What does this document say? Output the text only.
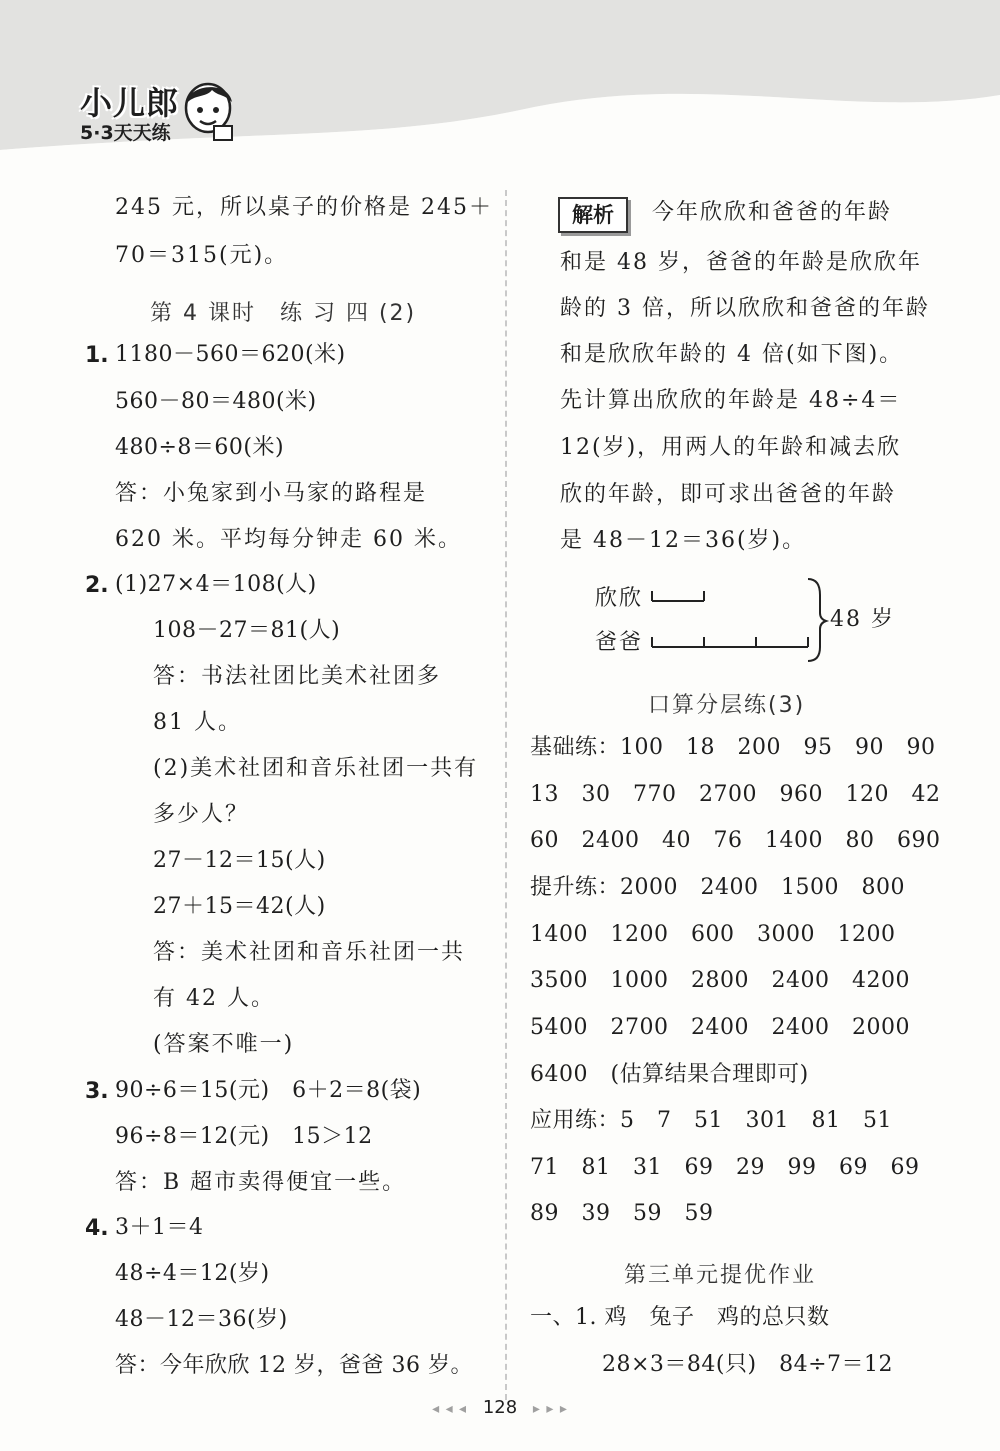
小儿郎
5·3天天练
245 元，所以桌子的价格是 245＋
70＝315(元)。
第 4 课时　练 习 四 (2)
1. 1180－560＝620(米)
560－80＝480(米)
480÷8＝60(米)
答：小兔家到小马家的路程是
620 米。平均每分钟走 60 米。
2. (1)27×4＝108(人)
108－27＝81(人)
答：书法社团比美术社团多
81 人。
(2)美术社团和音乐社团一共有
多少人？
27－12＝15(人)
27＋15＝42(人)
答：美术社团和音乐社团一共
有 42 人。
(答案不唯一)
3. 90÷6＝15(元)　6＋2＝8(袋)
96÷8＝12(元)　15＞12
答：B 超市卖得便宜一些。
4. 3＋1＝4
48÷4＝12(岁)
48－12＝36(岁)
答：今年欣欣 12 岁，爸爸 36 岁。
解析	今年欣欣和爸爸的年龄
和是 48 岁，爸爸的年龄是欣欣年
龄的 3 倍，所以欣欣和爸爸的年龄
和是欣欣年龄的 4 倍(如下图)。
先计算出欣欣的年龄是 48÷4＝
12(岁)，用两人的年龄和减去欣
欣的年龄，即可求出爸爸的年龄
是 48－12＝36(岁)。
欣欣
爸爸
48 岁
口算分层练(3)
基础练：100　18　200　95　90　90
13　30　770　2700　960　120　42
60　2400　40　76　1400　80　690
提升练：2000　2400　1500　800
1400　1200　600　3000　1200
3500　1000　2800　2400　4200
5400　2700　2400　2400　2000
6400　(估算结果合理即可)
应用练：5　7　51　301　81　51
71　81　31　69　29　99　69　69
89　39　59　59
第三单元提优作业
一、1. 鸡　兔子　鸡的总只数
28×3＝84(只)　84÷7＝12
◂ ◂ ◂ 128 ▸ ▸ ▸
